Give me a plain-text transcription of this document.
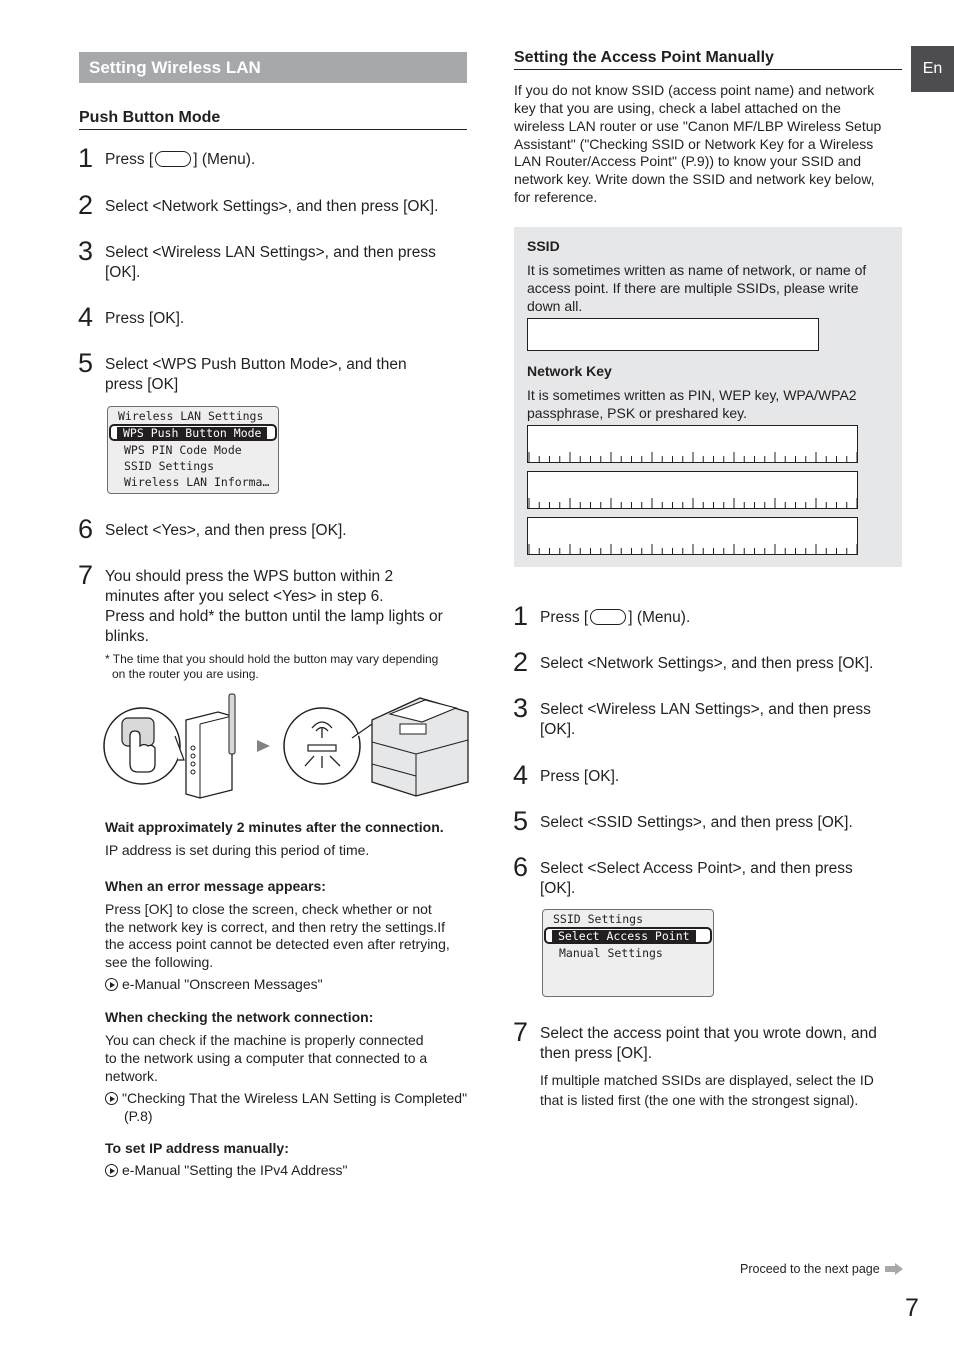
En
Setting Wireless LAN
Push Button Mode
1 Press [	] (Menu).
2 Select <Network Settings>, and then press [OK].
3 Select <Wireless LAN Settings>, and then press
[OK].
4 Press [OK].
5 Select <WPS Push Button Mode>, and then
press [OK]
Wireless LAN Settings
WPS Push Button Mode
WPS PIN Code Mode
SSID Settings
Wireless LAN Informa…
6 Select <Yes>, and then press [OK].
7 You should press the WPS button within 2
minutes after you select <Yes> in step 6.
Press and hold* the button until the lamp lights or
blinks.
* The time that you should hold the button may vary depending
on the router you are using.
Wait approximately 2 minutes after the connection.
IP address is set during this period of time.
When an error message appears:
Press [OK] to close the screen, check whether or not
the network key is correct, and then retry the settings.If
the access point cannot be detected even after retrying,
see the following.
e-Manual "Onscreen Messages"
When checking the network connection:
You can check if the machine is properly connected
to the network using a computer that connected to a
network.
"Checking That the Wireless LAN Setting is Completed"
(P.8)
To set IP address manually:
e-Manual "Setting the IPv4 Address"
Setting the Access Point Manually
If you do not know SSID (access point name) and network
key that you are using, check a label attached on the
wireless LAN router or use "Canon MF/LBP Wireless Setup
Assistant" ("Checking SSID or Network Key for a Wireless
LAN Router/Access Point" (P.9)) to know your SSID and
network key. Write down the SSID and network key below,
for reference.
SSID
It is sometimes written as name of network, or name of
access point. If there are multiple SSIDs, please write
down all.
Network Key
It is sometimes written as PIN, WEP key, WPA/WPA2
passphrase, PSK or preshared key.
1 Press [	] (Menu).
2 Select <Network Settings>, and then press [OK].
3 Select <Wireless LAN Settings>, and then press
[OK].
4 Press [OK].
5 Select <SSID Settings>, and then press [OK].
6 Select <Select Access Point>, and then press
[OK].
SSID Settings
Select Access Point
Manual Settings
7 Select the access point that you wrote down, and
then press [OK].
If multiple matched SSIDs are displayed, select the ID
that is listed first (the one with the strongest signal).
Proceed to the next page
7
